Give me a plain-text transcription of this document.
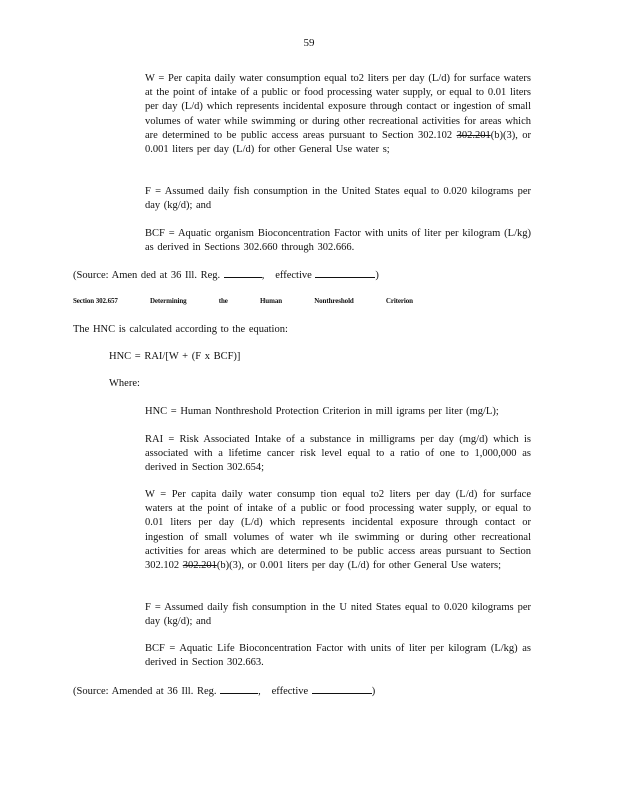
59
W = Per capita daily water consumption equal to2 liters per day (L/d) for surface waters at the point of intake of a public or food processing water supply, or equal to 0.01 liters per day (L/d) which represents incidental exposure through contact or ingestion of small volumes of water while swimming or during other recreational activities for areas which are determined to be public access areas pursuant to Section 302.102 302.201(b)(3), or 0.001 liters per day (L/d) for other General Use water s;
F = Assumed daily fish consumption in the United States equal to 0.020 kilograms per day (kg/d); and
BCF = Aquatic organism Bioconcentration Factor with units of liter per kilogram (L/kg) as derived in Sections 302.660 through 302.666.
(Source: Amen ded at 36 Ill. Reg.	,   effective	)
Section 302.657	Determining	the	Human	Nonthreshold	Criterion
The HNC is calculated according to the equation:
HNC = RAI/[W + (F x BCF)]
Where:
HNC = Human Nonthreshold Protection Criterion in mill igrams per liter (mg/L);
RAI = Risk Associated Intake of a substance in milligrams per day (mg/d) which is associated with a lifetime cancer risk level equal to a ratio of one to 1,000,000 as derived in Section 302.654;
W = Per capita daily water consump tion equal to2 liters per day (L/d) for surface waters at the point of intake of a public or food processing water supply, or equal to 0.01 liters per day (L/d) which represents incidental exposure through contact or ingestion of small volumes of water wh ile swimming or during other recreational activities for areas which are determined to be public access areas pursuant to Section 302.102 302.201(b)(3), or 0.001 liters per day (L/d) for other General Use waters;
F = Assumed daily fish consumption in the U nited States equal to 0.020 kilograms per day (kg/d); and
BCF = Aquatic Life Bioconcentration Factor with units of liter per kilogram (L/kg) as derived in Section 302.663.
(Source: Amended at 36 Ill. Reg.	,   effective	)
